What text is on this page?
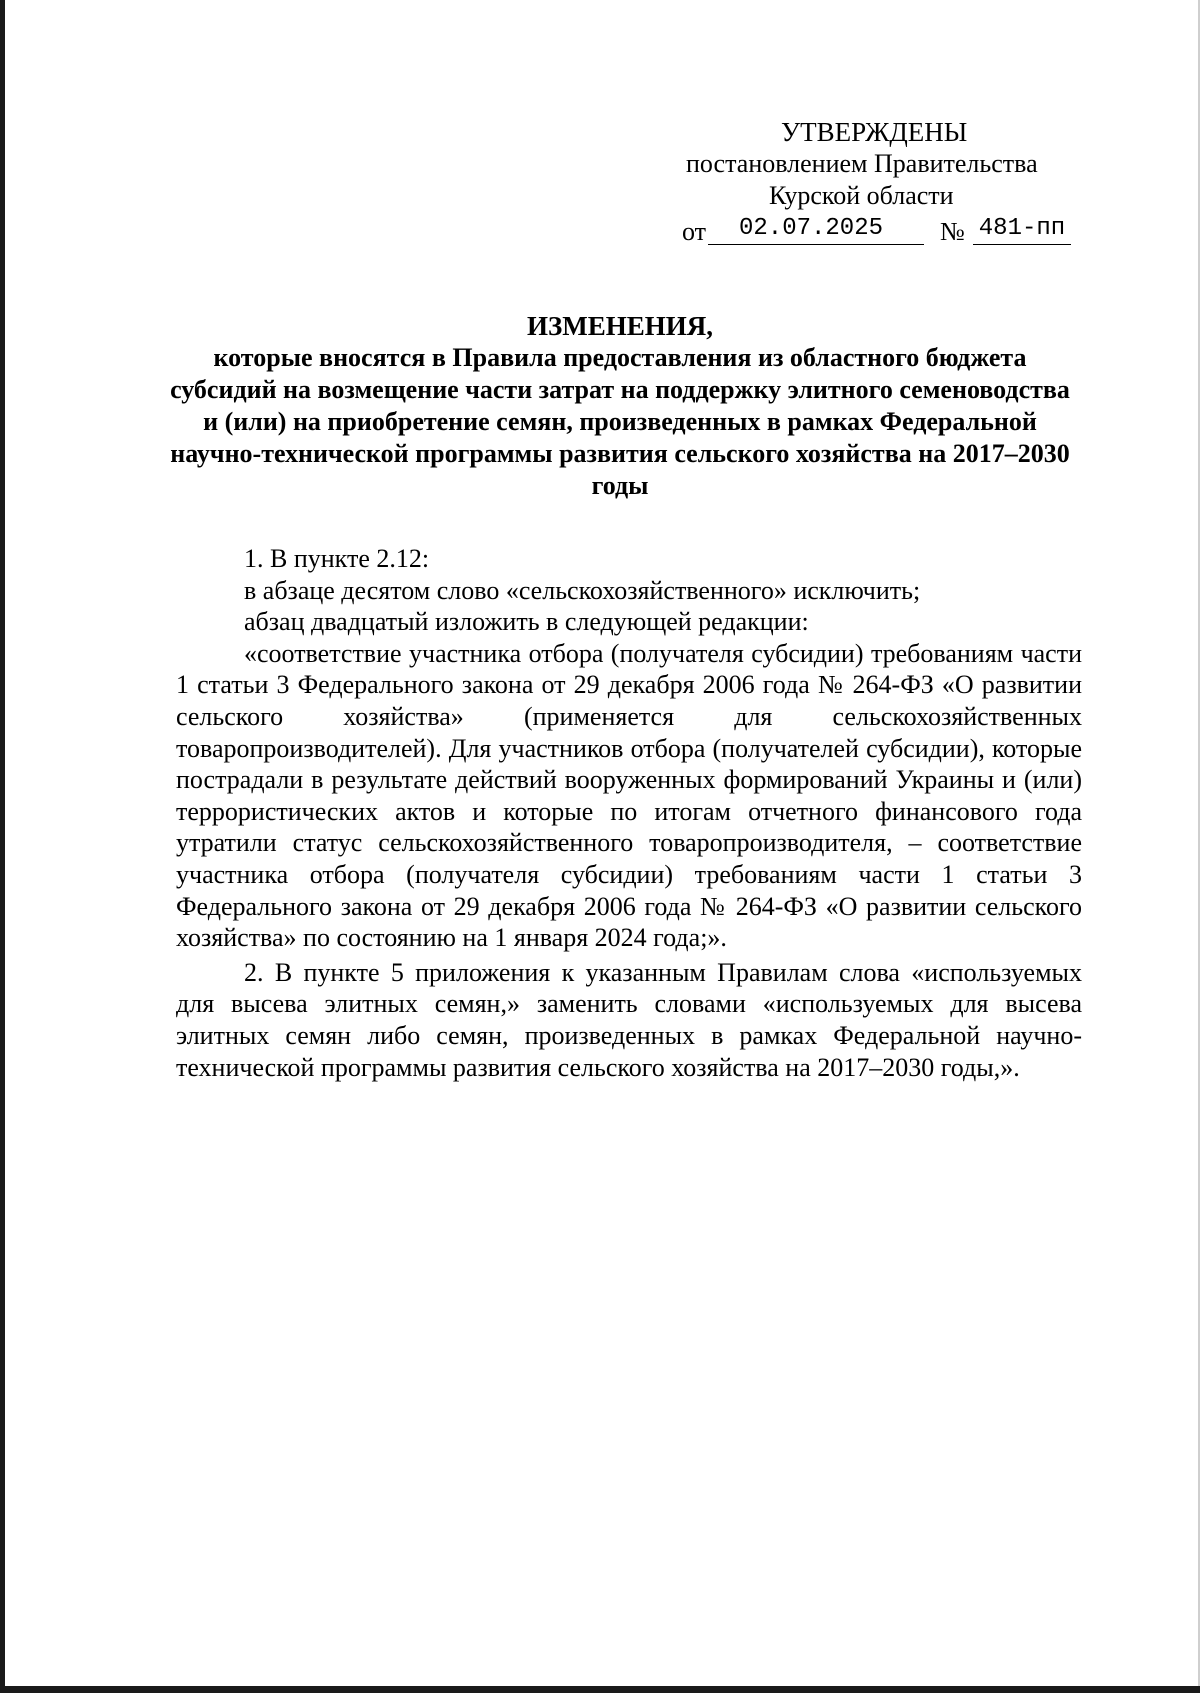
УТВЕРЖДЕНЫ
постановлением Правительства
Курской области
от	02.07.2025	№ 481-пп
ИЗМЕНЕНИЯ,
которые вносятся в Правила предоставления из областного бюджета субсидий на возмещение части затрат на поддержку элитного семеноводства и (или) на приобретение семян, произведенных в рамках Федеральной научно-технической программы развития сельского хозяйства на 2017–2030 годы

1. В пункте 2.12:

в абзаце десятом слово «сельскохозяйственного» исключить;

абзац двадцатый изложить в следующей редакции:

«соответствие участника отбора (получателя субсидии) требованиям части 1 статьи 3 Федерального закона от 29 декабря 2006 года № 264-ФЗ «О развитии сельского хозяйства» (применяется для сельскохозяйственных товаропроизводителей). Для участников отбора (получателей субсидии), которые пострадали в результате действий вооруженных формирований Украины и (или) террористических актов и которые по итогам отчетного финансового года утратили статус сельскохозяйственного товаропроизводителя, – соответствие участника отбора (получателя субсидии) требованиям части 1 статьи 3 Федерального закона от 29 декабря 2006 года № 264-ФЗ «О развитии сельского хозяйства» по состоянию на 1 января 2024 года;».

2. В пункте 5 приложения к указанным Правилам слова «используемых для высева элитных семян,» заменить словами «используемых для высева элитных семян либо семян, произведенных в рамках Федеральной научно-технической программы развития сельского хозяйства на 2017–2030 годы,».
